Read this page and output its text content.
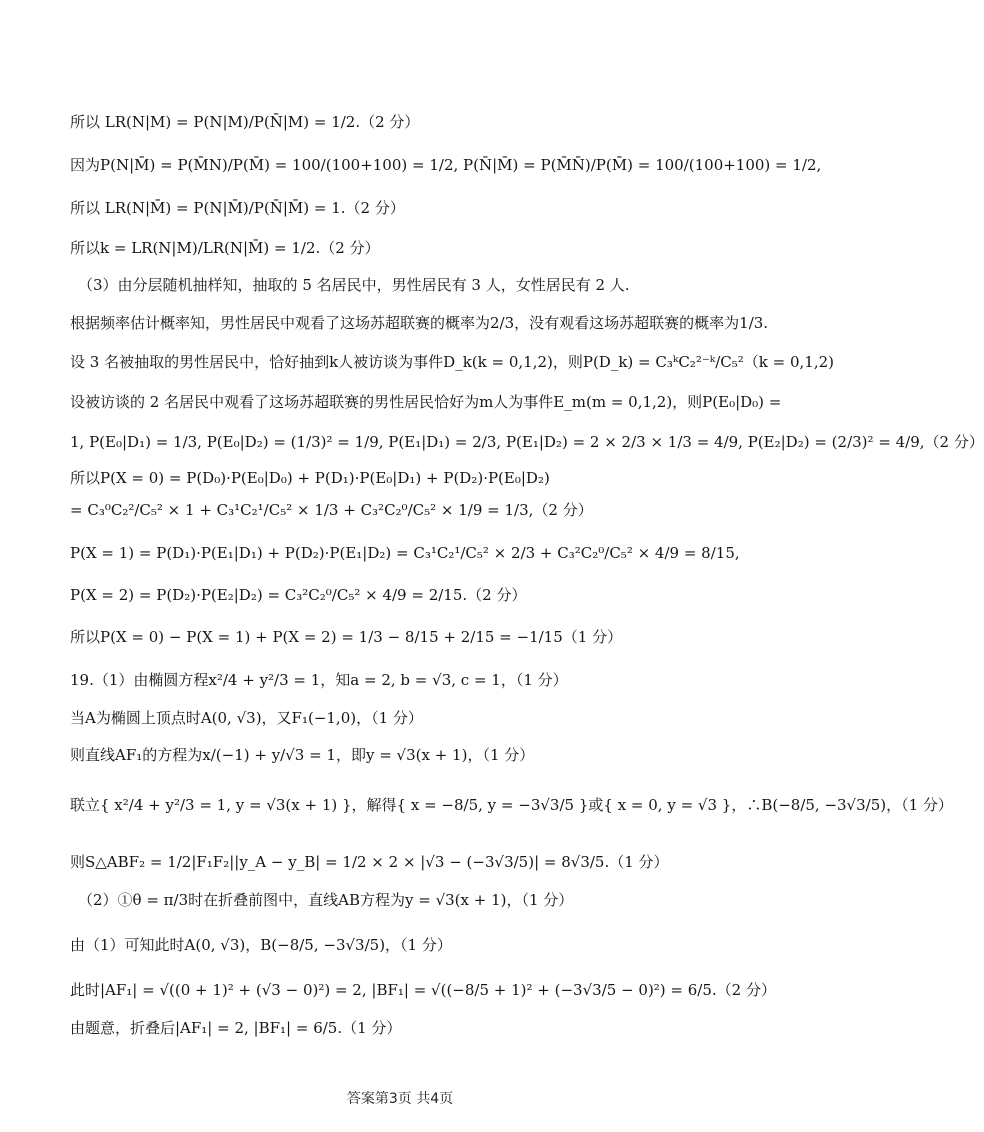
所以 LR(N|M) = P(N|M)/P(N̄|M) = 1/2.（2 分）
因为P(N|M̄) = P(M̄N)/P(M̄) = 100/(100+100) = 1/2, P(N̄|M̄) = P(M̄N̄)/P(M̄) = 100/(100+100) = 1/2,
所以 LR(N|M̄) = P(N|M̄)/P(N̄|M̄) = 1.（2 分）
所以k = LR(N|M)/LR(N|M̄) = 1/2.（2 分）
（3）由分层随机抽样知，抽取的 5 名居民中，男性居民有 3 人，女性居民有 2 人.
根据频率估计概率知，男性居民中观看了这场苏超联赛的概率为2/3，没有观看这场苏超联赛的概率为1/3.
设 3 名被抽取的男性居民中，恰好抽到k人被访谈为事件D_k(k = 0,1,2)，则P(D_k) = C₃ᵏC₂²⁻ᵏ/C₅²（k = 0,1,2)
设被访谈的 2 名居民中观看了这场苏超联赛的男性居民恰好为m人为事件E_m(m = 0,1,2)，则P(E₀|D₀) =
1, P(E₀|D₁) = 1/3, P(E₀|D₂) = (1/3)² = 1/9, P(E₁|D₁) = 2/3, P(E₁|D₂) = 2 × 2/3 × 1/3 = 4/9, P(E₂|D₂) = (2/3)² = 4/9,（2 分）
所以P(X = 0) = P(D₀)·P(E₀|D₀) + P(D₁)·P(E₀|D₁) + P(D₂)·P(E₀|D₂)
= C₃⁰C₂²/C₅² × 1 + C₃¹C₂¹/C₅² × 1/3 + C₃²C₂⁰/C₅² × 1/9 = 1/3,（2 分）
P(X = 1) = P(D₁)·P(E₁|D₁) + P(D₂)·P(E₁|D₂) = C₃¹C₂¹/C₅² × 2/3 + C₃²C₂⁰/C₅² × 4/9 = 8/15,
P(X = 2) = P(D₂)·P(E₂|D₂) = C₃²C₂⁰/C₅² × 4/9 = 2/15.（2 分）
所以P(X = 0) − P(X = 1) + P(X = 2) = 1/3 − 8/15 + 2/15 = −1/15（1 分）
19.（1）由椭圆方程x²/4 + y²/3 = 1，知a = 2, b = √3, c = 1，（1 分）
当A为椭圆上顶点时A(0, √3)，又F₁(−1,0)，（1 分）
则直线AF₁的方程为x/(−1) + y/√3 = 1，即y = √3(x + 1)，（1 分）
联立{ x²/4 + y²/3 = 1, y = √3(x + 1) }，解得{ x = −8/5, y = −3√3/5 }或{ x = 0, y = √3 }，∴B(−8/5, −3√3/5)，（1 分）
则S△ABF₂ = 1/2|F₁F₂||y_A − y_B| = 1/2 × 2 × |√3 − (−3√3/5)| = 8√3/5.（1 分）
（2）①θ = π/3时在折叠前图中，直线AB方程为y = √3(x + 1)，（1 分）
由（1）可知此时A(0, √3)，B(−8/5, −3√3/5)，（1 分）
此时|AF₁| = √((0 + 1)² + (√3 − 0)²) = 2, |BF₁| = √((−8/5 + 1)² + (−3√3/5 − 0)²) = 6/5.（2 分）
由题意，折叠后|AF₁| = 2, |BF₁| = 6/5.（1 分）
答案第3页 共4页
